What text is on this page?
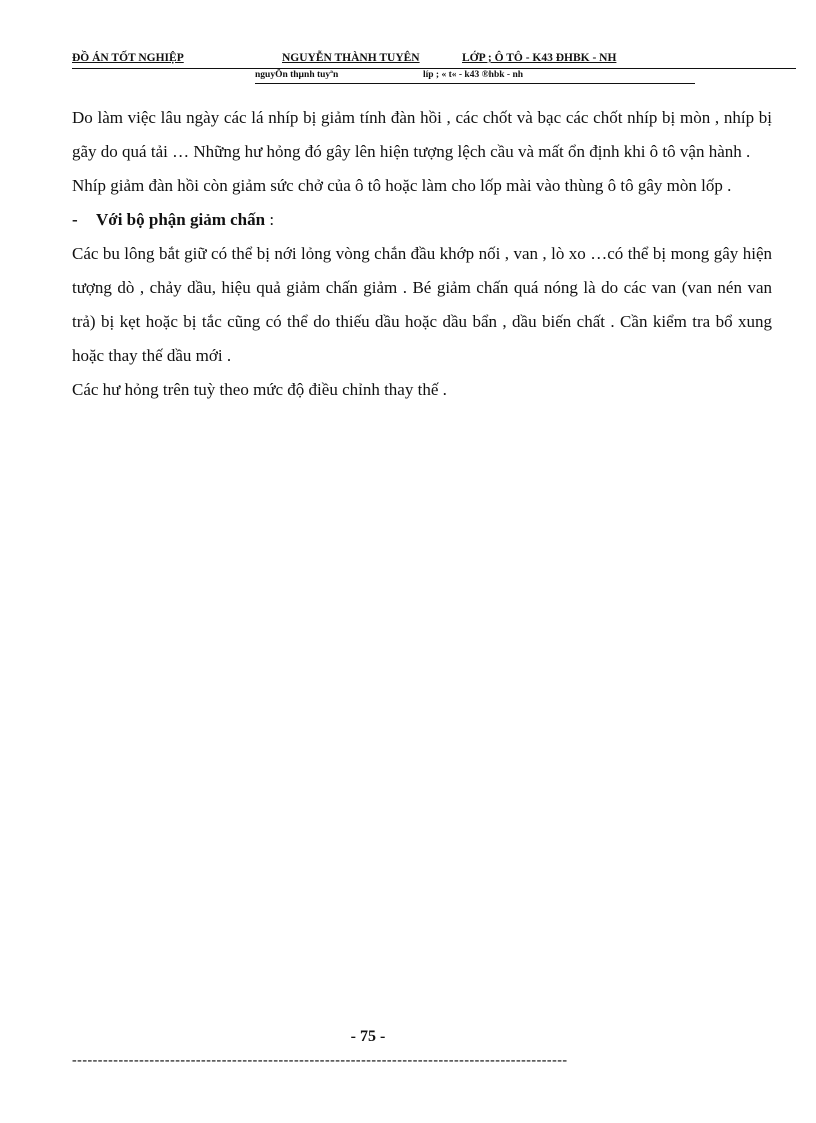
ĐỒ ÁN TỐT NGHIỆP	NGUYỄN THÀNH TUYÊN	LỚP ; Ô TÔ - K43 ĐHBK - NH
nguyÔn thµnh tuyªn	líp ; « t« - k43 ®hbk - nh

Do làm việc lâu ngày các lá nhíp bị giảm tính đàn hồi , các chốt và bạc các chốt nhíp bị mòn , nhíp bị gãy do quá tải … Những hư hỏng đó gây lên hiện tượng lệch cầu và mất ổn định khi ô tô vận hành .

Nhíp giảm đàn hồi còn giảm sức chở của ô tô hoặc làm cho lốp mài vào thùng ô tô gây mòn lốp .

-	Với bộ phận giảm chấn :

Các bu lông bắt giữ có thể bị nới lỏng vòng chắn đầu khớp nối , van , lò xo …có thể bị mong gây hiện tượng dò , chảy dầu, hiệu quả giảm chấn giảm . Bé giảm chấn quá nóng là do các van (van nén van trả) bị kẹt hoặc bị tắc cũng có thể do thiếu dầu hoặc dầu bẩn , dầu biến chất . Cần kiểm tra bổ xung hoặc thay thế dầu mới .

Các hư hỏng trên tuỳ theo mức độ điều chỉnh thay thế .

- 75 -
------------------------------------------------------------------------------------------------
